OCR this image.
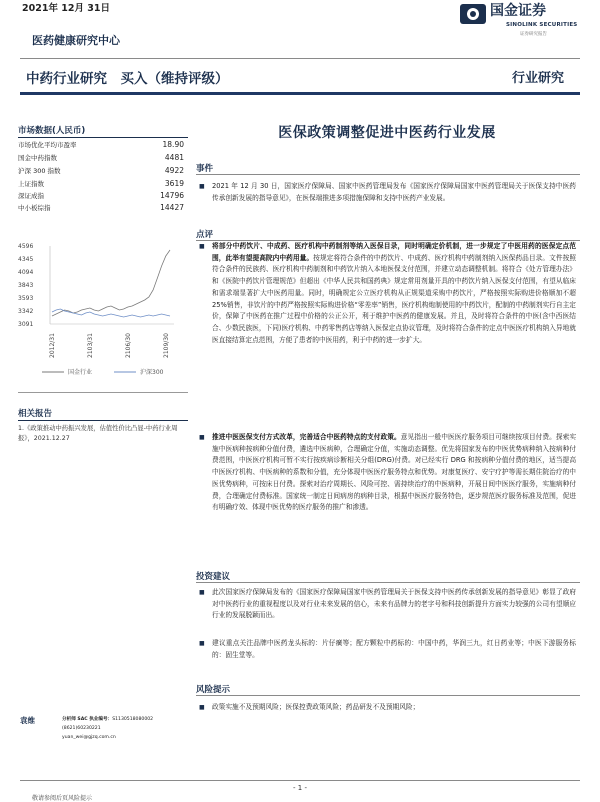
2021年 12月 31日	国金证券
SINOLINK SECURITIES
证券研究报告
医药健康研究中心
中药行业研究　买入（维持评级）	行业研究
市场数据(人民币)
市场优化平均市盈率	18.90
国金中药指数	4481
沪深 300 指数	4922
上证指数	3619
深证成指	14796
中小板综指	14427
4596
4345
4094
3843
3593
3342
3091
2012/31	2103/31	2106/30	2109/30
国金行业	沪深300
相关报告
1.《政策推动中药振兴发展，估值性价比凸显-中药行业周报》，2021.12.27
袁维	分析师 SAC 执业编号：S1130518080002
(8621)60230221
yuan_wei@gjzq.com.cn
医保政策调整促进中医药行业发展
事件
■ 2021 年 12 月 30 日，国家医疗保障局、国家中医药管理局发布《国家医疗保障局国家中医药管理局关于医保支持中医药传承创新发展的指导意见》，在医保端推进多项措施保障和支持中医药产业发展。
点评
■ 将部分中药饮片、中成药、医疗机构中药制剂等纳入医保目录，同时明确定价机制，进一步规定了中医用药的医保定点范围，此举有望提高院内中药用量。按规定将符合条件的中药饮片、中成药、医疗机构中药制剂纳入医保药品目录。文件按照符合条件的民族药、医疗机构中药制剂和中药饮片纳入本地医保支付范围，并建立动态调整机制。将符合《处方管理办法》和《医院中药饮片管理规范》但超出《中华人民共和国药典》规定常用剂量开具的中药饮片纳入医保支付范围，有望从临床和需求端显著扩大中医药用量。同时，明确规定公立医疗机构从正规渠道采购中药饮片，严格按照实际购进价格顺加不超 25%销售，非饮片的中药严格按照实际购进价格“零差率”销售，医疗机构炮制使用的中药饮片，配制的中药制剂实行自主定价，保障了中医药在推广过程中价格的公正公开，利于维护中医药的健康发展。并且，及时将符合条件的中医(含中西医结合、少数民族医，下同)医疗机构、中药零售药店等纳入医保定点协议管理，及时将符合条件的定点中医医疗机构纳入异地就医直接结算定点范围，方便了患者的中医用药，利于中药的进一步扩大。
■ 推进中医医保支付方式改革，完善适合中医药特点的支付政策。意见指出一般中医医疗服务项目可继续按项目付费。探索实施中医病种按病种分值付费，遴选中医病种，合理确定分值，实施动态调整。优先将国家发布的中医优势病种纳入按病种付费范围，中医医疗机构可暂不实行按疾病诊断相关分组(DRG)付费。对已经实行 DRG 和按病种分值付费的地区，适当提高中医医疗机构、中医病种的系数和分值，充分体现中医医疗服务特点和优势。对康复医疗、安宁疗护等需长期住院治疗的中医优势病种，可按床日付费。探索对治疗周期长、风险可控、需持续治疗的中医病种，开展日间中医医疗服务，实施病种付费，合理确定付费标准。国家统一制定日间病房的病种目录，根据中医医疗服务特色，逐步规范医疗服务标准及范围，促进有明确疗效、体现中医优势的医疗服务的推广和渗透。
投资建议
■ 此次国家医疗保障局发布的《国家医疗保障局国家中医药管理局关于医保支持中医药传承创新发展的指导意见》彰显了政府对中医药行业的重视程度以及对行业未来发展的信心，未来有品牌力的老字号和科技创新提升方面实力较强的公司有望顺应行业的发展脱颖而出。
■ 建议重点关注品牌中医药龙头标的：片仔癀等；配方颗粒中药标的：中国中药，华润三九，红日药业等；中医下游服务标的：固生堂等。
风险提示
■ 政策实施不及预期风险；医保控费政策风险；药品研发不及预期风险；
- 1 -
敬请参阅后页风险提示
